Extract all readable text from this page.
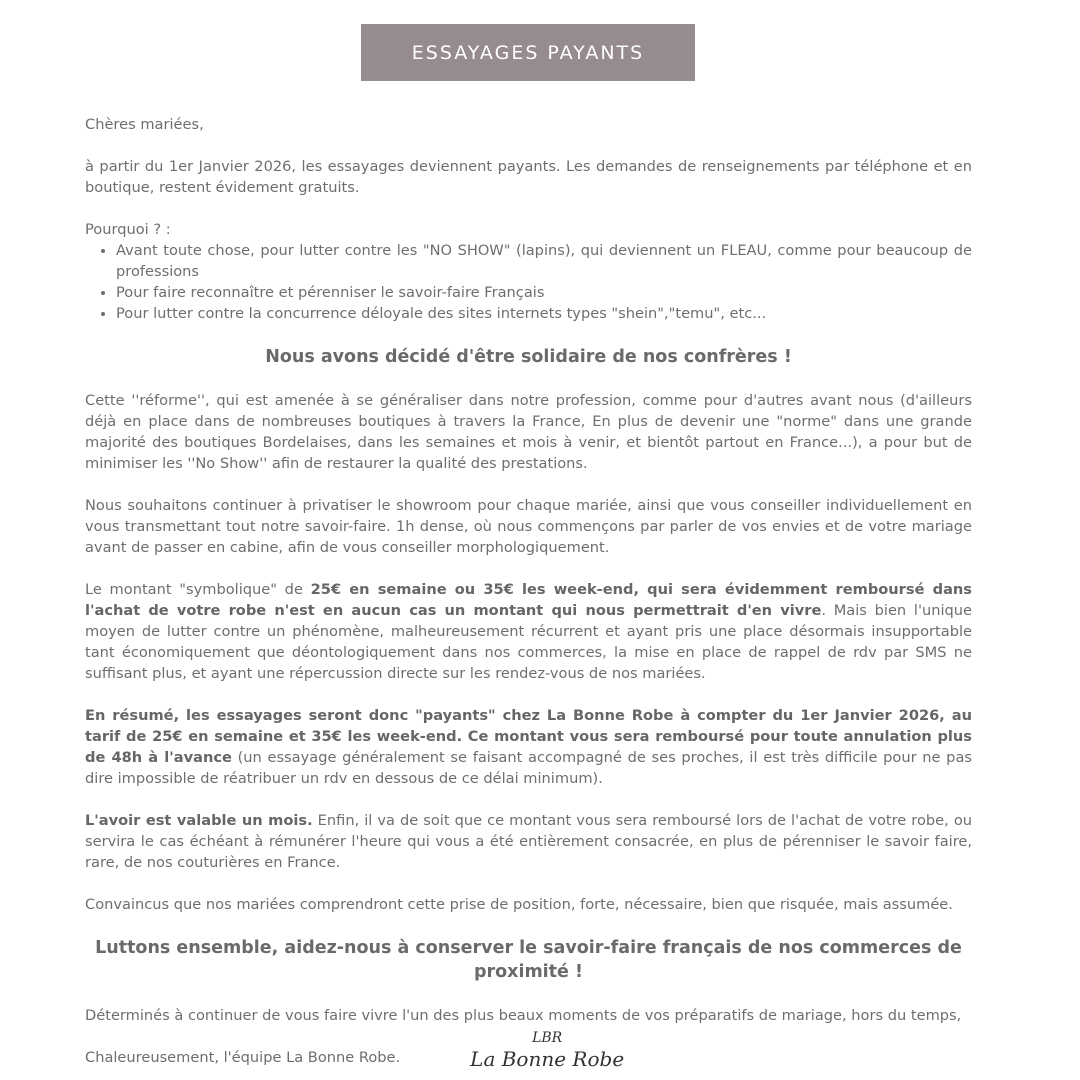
ESSAYAGES PAYANTS

Chères mariées,

à partir du 1er Janvier 2026, les essayages deviennent payants. Les demandes de renseignements par téléphone et en boutique, restent évidement gratuits.

Pourquoi ? :

• Avant toute chose, pour lutter contre les "NO SHOW" (lapins), qui deviennent un FLEAU, comme pour beaucoup de professions
• Pour faire reconnaître et pérenniser le savoir-faire Français
• Pour lutter contre la concurrence déloyale des sites internets types "shein","temu", etc...
Nous avons décidé d'être solidaire de nos confrères !

Cette ''réforme'', qui est amenée à se généraliser dans notre profession, comme pour d'autres avant nous (d'ailleurs déjà en place dans de nombreuses boutiques à travers la France, En plus de devenir une "norme" dans une grande majorité des boutiques Bordelaises, dans les semaines et mois à venir, et bientôt partout en France...), a pour but de minimiser les ''No Show'' afin de restaurer la qualité des prestations.

Nous souhaitons continuer à privatiser le showroom pour chaque mariée, ainsi que vous conseiller individuellement en vous transmettant tout notre savoir-faire. 1h dense, où nous commençons par parler de vos envies et de votre mariage avant de passer en cabine, afin de vous conseiller morphologiquement.

Le montant "symbolique" de 25€ en semaine ou 35€ les week-end, qui sera évidemment remboursé dans l'achat de votre robe n'est en aucun cas un montant qui nous permettrait d'en vivre. Mais bien l'unique moyen de lutter contre un phénomène, malheureusement récurrent et ayant pris une place désormais insupportable tant économiquement que déontologiquement dans nos commerces, la mise en place de rappel de rdv par SMS ne suffisant plus, et ayant une répercussion directe sur les rendez-vous de nos mariées.

En résumé, les essayages seront donc "payants" chez La Bonne Robe à compter du 1er Janvier 2026, au tarif de 25€ en semaine et 35€ les week-end. Ce montant vous sera remboursé pour toute annulation plus de 48h à l'avance (un essayage généralement se faisant accompagné de ses proches, il est très difficile pour ne pas dire impossible de réatribuer un rdv en dessous de ce délai minimum).

L'avoir est valable un mois. Enfin, il va de soit que ce montant vous sera remboursé lors de l'achat de votre robe, ou servira le cas échéant à rémunérer l'heure qui vous a été entièrement consacrée, en plus de pérenniser le savoir faire, rare, de nos couturières en France.

Convaincus que nos mariées comprendront cette prise de position, forte, nécessaire, bien que risquée, mais assumée.

Luttons ensemble, aidez-nous à conserver le savoir-faire français de nos commerces de proximité !

Déterminés à continuer de vous faire vivre l'un des plus beaux moments de vos préparatifs de mariage, hors du temps,

Chaleureusement, l'équipe La Bonne Robe.
LBR
La Bonne Robe
